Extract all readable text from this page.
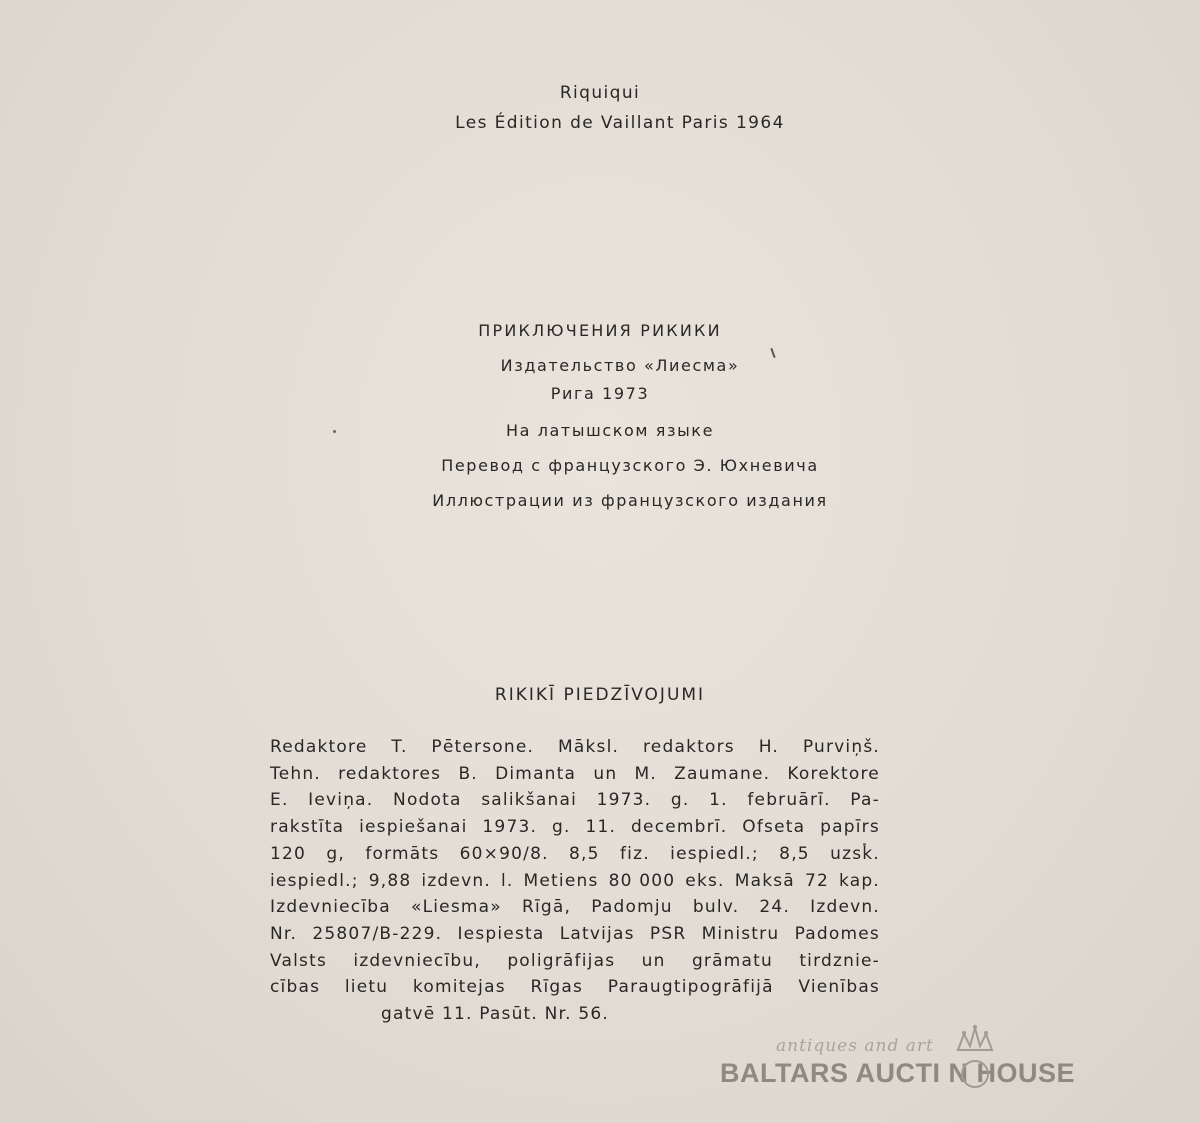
Riquiqui
Les Édition de Vaillant Paris 1964
ПРИКЛЮЧЕНИЯ РИКИКИ
Издательство «Лиесма»
Рига 1973
На латышском языке
Перевод с французского Э. Юхневича
Иллюстрации из французского издания
RIKIKĪ PIEDZĪVOJUMI
Redaktore T. Pētersone. Māksl. redaktors H. Purviņš.
Tehn. redaktores B. Dimanta un M. Zaumane. Korektore
E. Ieviņa. Nodota salikšanai 1973. g. 1. februārī. Pa-
rakstīta iespiešanai 1973. g. 11. decembrī. Ofseta papīrs
120 g, formāts 60×90/8. 8,5 fiz. iespiedl.; 8,5 uzsk.
iespiedl.; 9,88 izdevn. l. Metiens 80 000 eks. Maksā 72 kap.
Izdevniecība «Liesma» Rīgā, Padomju bulv. 24. Izdevn.
Nr. 25807/B-229. Iespiesta Latvijas PSR Ministru Padomes
Valsts izdevniecību, poligrāfijas un grāmatu tirdznie-
cības lietu komitejas Rīgas Paraugtipogrāfijā Vienības
gatvē 11. Pasūt. Nr. 56.
antiques and art
BALTARS AUCTI N HOUSE
